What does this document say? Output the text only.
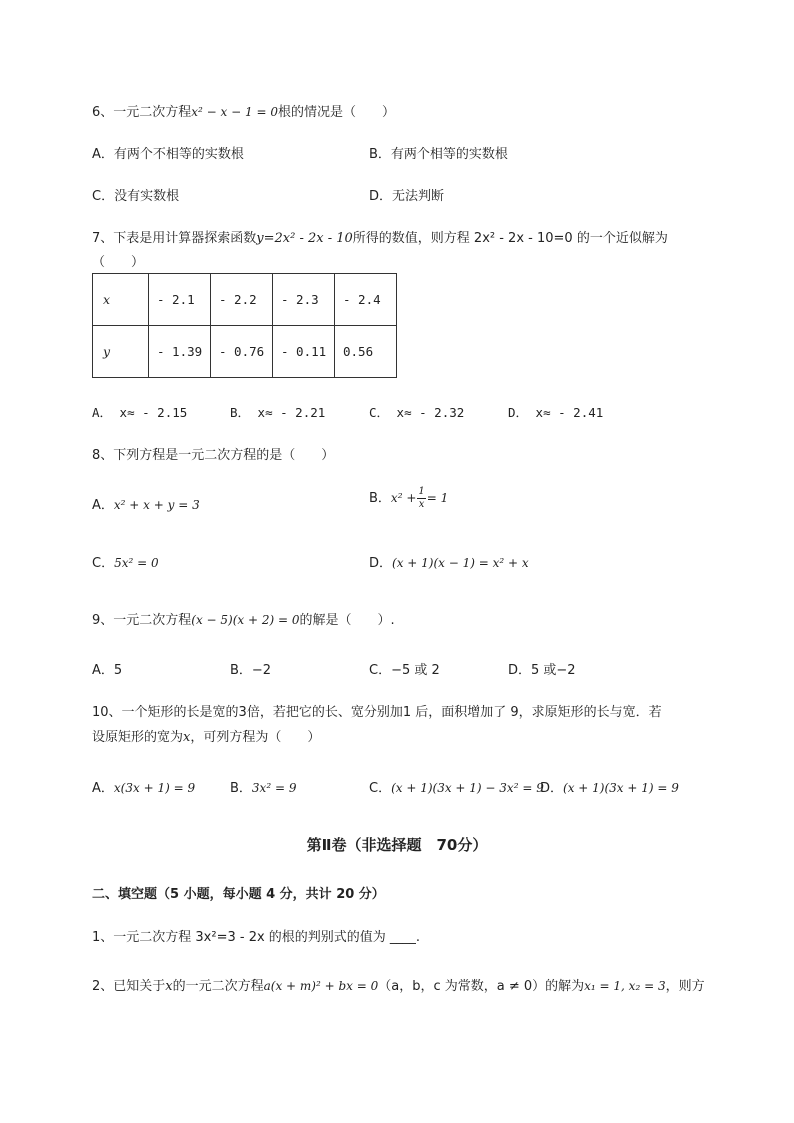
6、一元二次方程x² − x − 1 = 0根的情况是（　　）
A．有两个不相等的实数根	B．有两个相等的实数根
C．没有实数根	D．无法判断
7、下表是用计算器探索函数y=2x² - 2x - 10所得的数值，则方程 2x² - 2x - 10=0 的一个近似解为
（　　）
x	- 2.1	- 2.2	- 2.3	- 2.4
y	- 1.39	- 0.76	- 0.11	0.56
A． x≈ - 2.15	B． x≈ - 2.21	C． x≈ - 2.32	D． x≈ - 2.41
8、下列方程是一元二次方程的是（　　）
A．x² + x + y = 3	B．$x^2 + \frac{1}{x} = 1$
C．5x² = 0	D．(x + 1)(x − 1) = x² + x
9、一元二次方程(x − 5)(x + 2) = 0的解是（　　）.
A．5	B．−2	C．−5 或 2	D．5 或−2
10、一个矩形的长是宽的3倍，若把它的长、宽分别加1 后，面积增加了 9，求原矩形的长与宽．若
设原矩形的宽为x，可列方程为（　　）
A．x(3x + 1) = 9	B．3x² = 9	C．(x + 1)(3x + 1) − 3x² = 9
D．(x + 1)(3x + 1) = 9
第Ⅱ卷（非选择题　70分）
二、填空题（5 小题，每小题 4 分，共计 20 分）
1、一元二次方程 3x²=3 - 2x 的根的判别式的值为 ____.
2、已知关于x的一元二次方程a(x + m)² + bx = 0（a，b，c 为常数，a ≠ 0）的解为x₁ = 1, x₂ = 3，则方
